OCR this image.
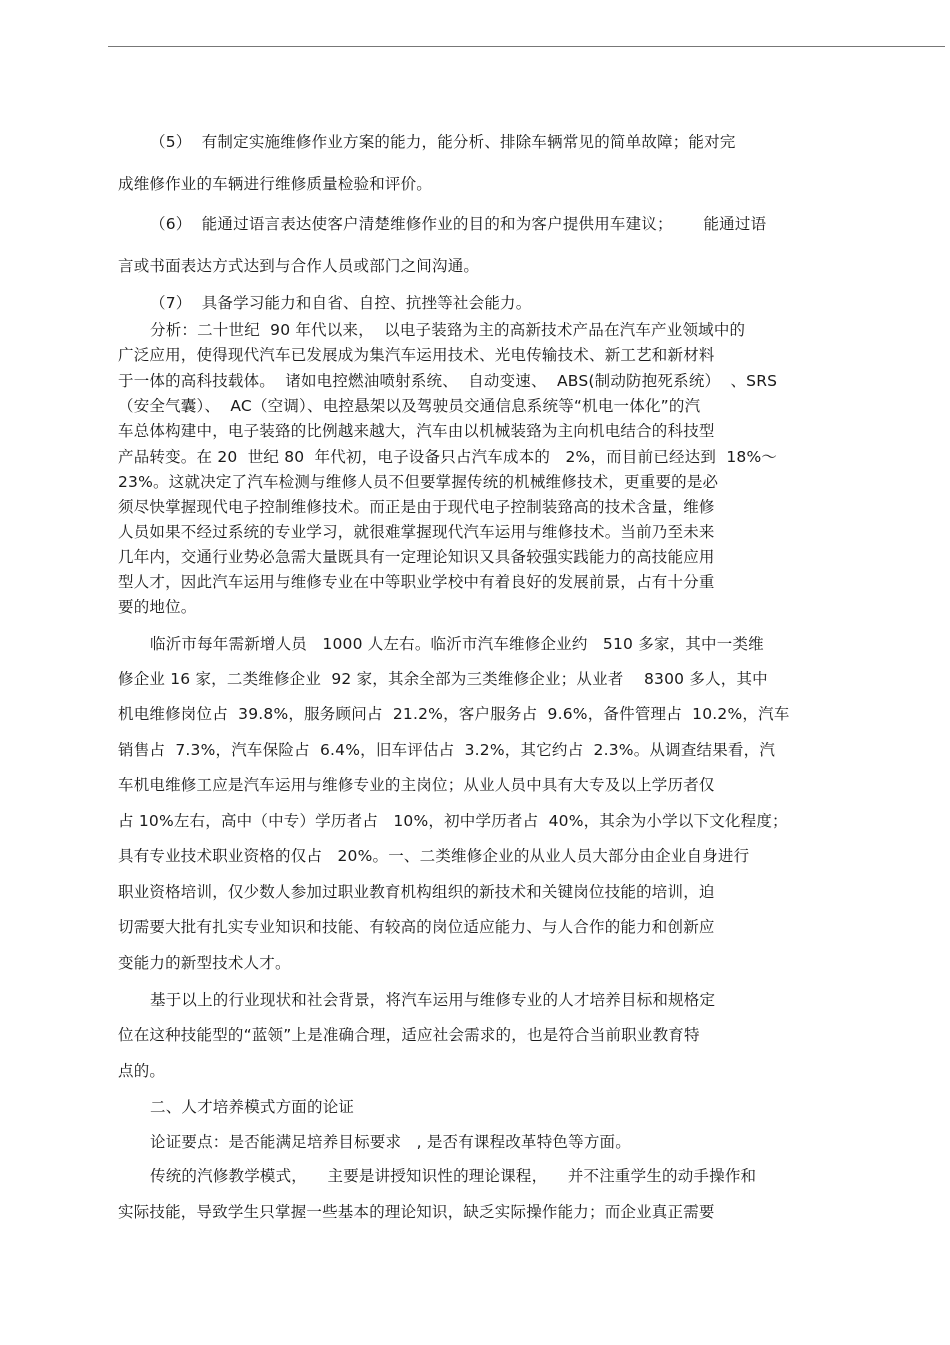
（5）  有制定实施维修作业方案的能力，能分析、排除车辆常见的简单故障；能对完
成维修作业的车辆进行维修质量检验和评价。
（6）  能通过语言表达使客户清楚维修作业的目的和为客户提供用车建议；      能通过语
言或书面表达方式达到与合作人员或部门之间沟通。
（7）  具备学习能力和自省、自控、抗挫等社会能力。
分析：二十世纪  90 年代以来，  以电子装臵为主的高新技术产品在汽车产业领域中的
广泛应用，使得现代汽车已发展成为集汽车运用技术、光电传输技术、新工艺和新材料
于一体的高科技载体。  诸如电控燃油喷射系统、  自动变速、  ABS(制动防抱死系统）  、SRS
（安全气囊）、  AC（空调）、电控悬架以及驾驶员交通信息系统等“机电一体化”的汽
车总体构建中，电子装臵的比例越来越大，汽车由以机械装臵为主向机电结合的科技型
产品转变。在 20  世纪 80  年代初，电子设备只占汽车成本的   2%，而目前已经达到  18%～
23%。这就决定了汽车检测与维修人员不但要掌握传统的机械维修技术，更重要的是必
须尽快掌握现代电子控制维修技术。而正是由于现代电子控制装臵高的技术含量，维修
人员如果不经过系统的专业学习，就很难掌握现代汽车运用与维修技术。当前乃至未来
几年内，交通行业势必急需大量既具有一定理论知识又具备较强实践能力的高技能应用
型人才，因此汽车运用与维修专业在中等职业学校中有着良好的发展前景，占有十分重
要的地位。
临沂市每年需新增人员   1000 人左右。临沂市汽车维修企业约   510 多家，其中一类维
修企业 16 家，二类维修企业  92 家，其余全部为三类维修企业；从业者    8300 多人，其中
机电维修岗位占  39.8%，服务顾问占  21.2%，客户服务占  9.6%，备件管理占  10.2%，汽车
销售占  7.3%，汽车保险占  6.4%，旧车评估占  3.2%，其它约占  2.3%。从调查结果看，汽
车机电维修工应是汽车运用与维修专业的主岗位；从业人员中具有大专及以上学历者仅
占 10%左右，高中（中专）学历者占   10%，初中学历者占  40%，其余为小学以下文化程度；
具有专业技术职业资格的仅占   20%。一、二类维修企业的从业人员大部分由企业自身进行
职业资格培训，仅少数人参加过职业教育机构组织的新技术和关键岗位技能的培训，迫
切需要大批有扎实专业知识和技能、有较高的岗位适应能力、与人合作的能力和创新应
变能力的新型技术人才。
基于以上的行业现状和社会背景，将汽车运用与维修专业的人才培养目标和规格定
位在这种技能型的“蓝领”上是准确合理，适应社会需求的，也是符合当前职业教育特
点的。
二、人才培养模式方面的论证
论证要点：是否能满足培养目标要求   , 是否有课程改革特色等方面。
传统的汽修教学模式，    主要是讲授知识性的理论课程，    并不注重学生的动手操作和
实际技能，导致学生只掌握一些基本的理论知识，缺乏实际操作能力；而企业真正需要
